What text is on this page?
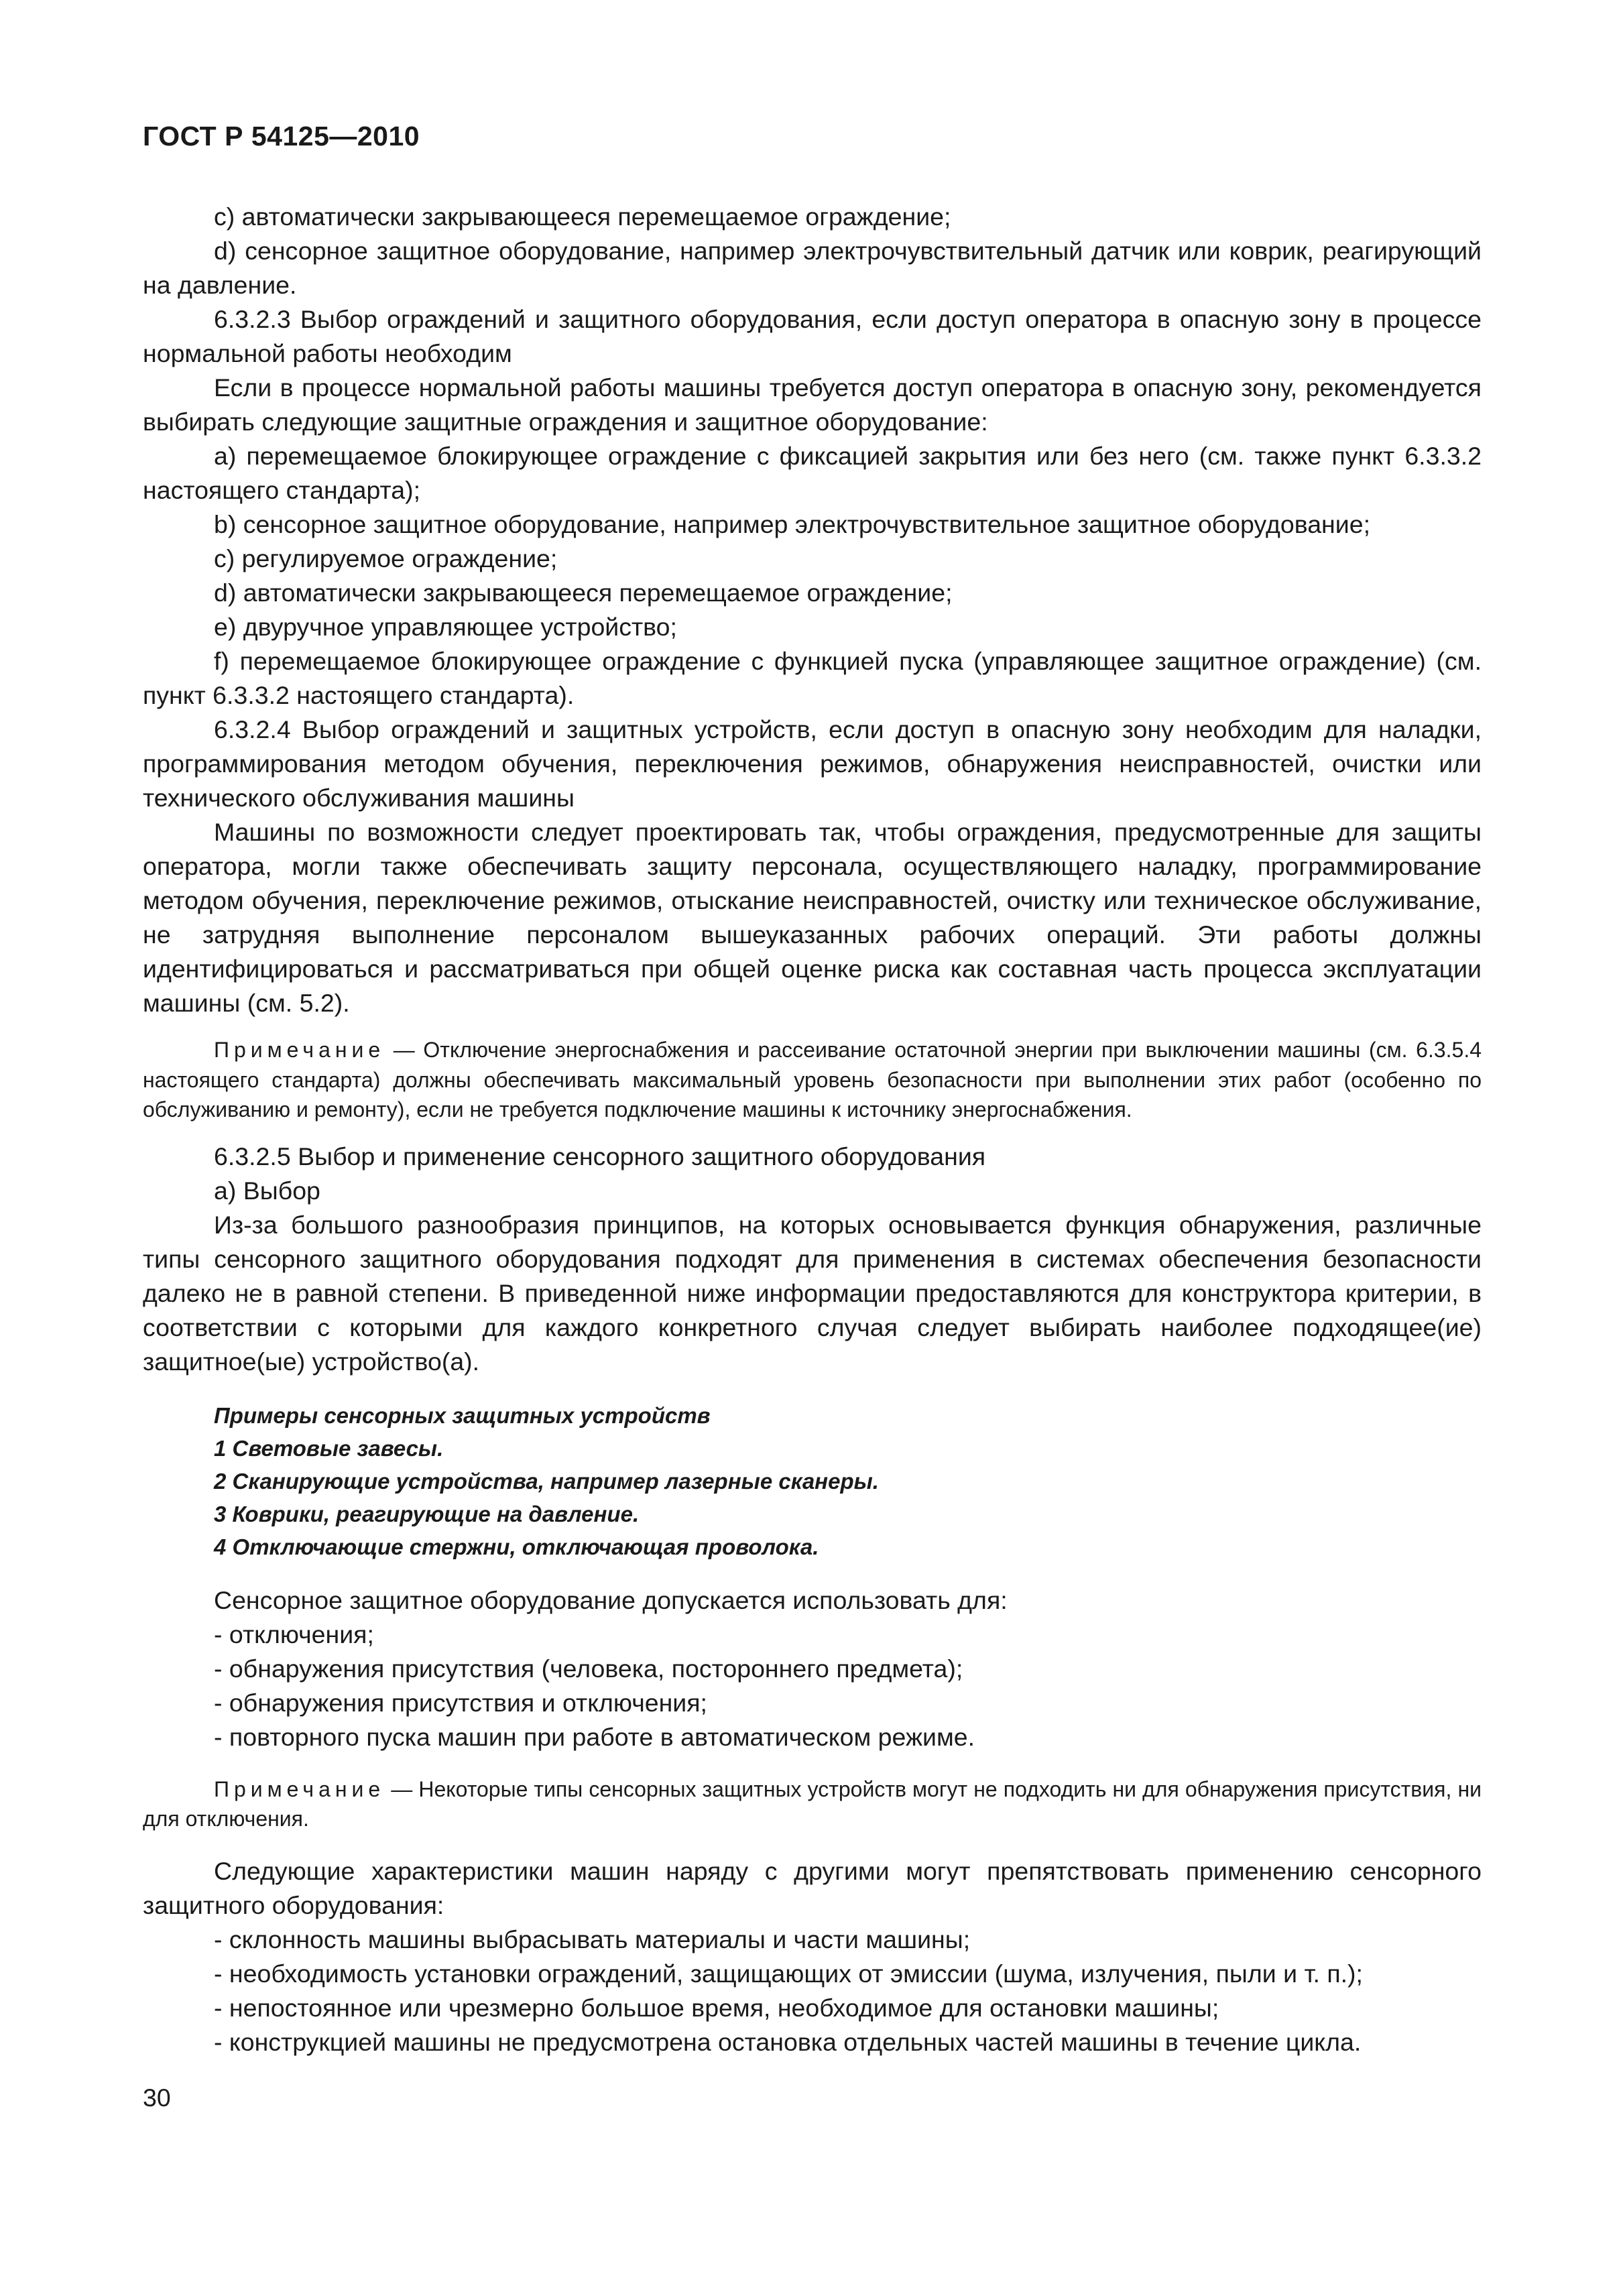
ГОСТ Р 54125—2010

с) автоматически закрывающееся перемещаемое ограждение;

d) сенсорное защитное оборудование, например электрочувствительный датчик или коврик, реагирующий на давление.

6.3.2.3 Выбор ограждений и защитного оборудования, если доступ оператора в опасную зону в процессе нормальной работы необходим

Если в процессе нормальной работы машины требуется доступ оператора в опасную зону, рекомендуется выбирать следующие защитные ограждения и защитное оборудование:

а) перемещаемое блокирующее ограждение с фиксацией закрытия или без него (см. также пункт 6.3.3.2 настоящего стандарта);

b) сенсорное защитное оборудование, например электрочувствительное защитное оборудование;

с) регулируемое ограждение;

d) автоматически закрывающееся перемещаемое ограждение;

е) двуручное управляющее устройство;

f) перемещаемое блокирующее ограждение с функцией пуска (управляющее защитное ограждение) (см. пункт 6.3.3.2 настоящего стандарта).

6.3.2.4 Выбор ограждений и защитных устройств, если доступ в опасную зону необходим для наладки, программирования методом обучения, переключения режимов, обнаружения неисправностей, очистки или технического обслуживания машины

Машины по возможности следует проектировать так, чтобы ограждения, предусмотренные для защиты оператора, могли также обеспечивать защиту персонала, осуществляющего наладку, программирование методом обучения, переключение режимов, отыскание неисправностей, очистку или техническое обслуживание, не затрудняя выполнение персоналом вышеуказанных рабочих операций. Эти работы должны идентифицироваться и рассматриваться при общей оценке риска как составная часть процесса эксплуатации машины (см. 5.2).

Примечание — Отключение энергоснабжения и рассеивание остаточной энергии при выключении машины (см. 6.3.5.4 настоящего стандарта) должны обеспечивать максимальный уровень безопасности при выполнении этих работ (особенно по обслуживанию и ремонту), если не требуется подключение машины к источнику энергоснабжения.

6.3.2.5 Выбор и применение сенсорного защитного оборудования

а) Выбор

Из-за большого разнообразия принципов, на которых основывается функция обнаружения, различные типы сенсорного защитного оборудования подходят для применения в системах обеспечения безопасности далеко не в равной степени. В приведенной ниже информации предоставляются для конструктора критерии, в соответствии с которыми для каждого конкретного случая следует выбирать наиболее подходящее(ие) защитное(ые) устройство(а).

Примеры сенсорных защитных устройств

1 Световые завесы.

2 Сканирующие устройства, например лазерные сканеры.

3 Коврики, реагирующие на давление.

4 Отключающие стержни, отключающая проволока.

Сенсорное защитное оборудование допускается использовать для:

- отключения;

- обнаружения присутствия (человека, постороннего предмета);

- обнаружения присутствия и отключения;

- повторного пуска машин при работе в автоматическом режиме.

Примечание — Некоторые типы сенсорных защитных устройств могут не подходить ни для обнаружения присутствия, ни для отключения.

Следующие характеристики машин наряду с другими могут препятствовать применению сенсорного защитного оборудования:

- склонность машины выбрасывать материалы и части машины;

- необходимость установки ограждений, защищающих от эмиссии (шума, излучения, пыли и т. п.);

- непостоянное или чрезмерно большое время, необходимое для остановки машины;

- конструкцией машины не предусмотрена остановка отдельных частей машины в течение цикла.

30
